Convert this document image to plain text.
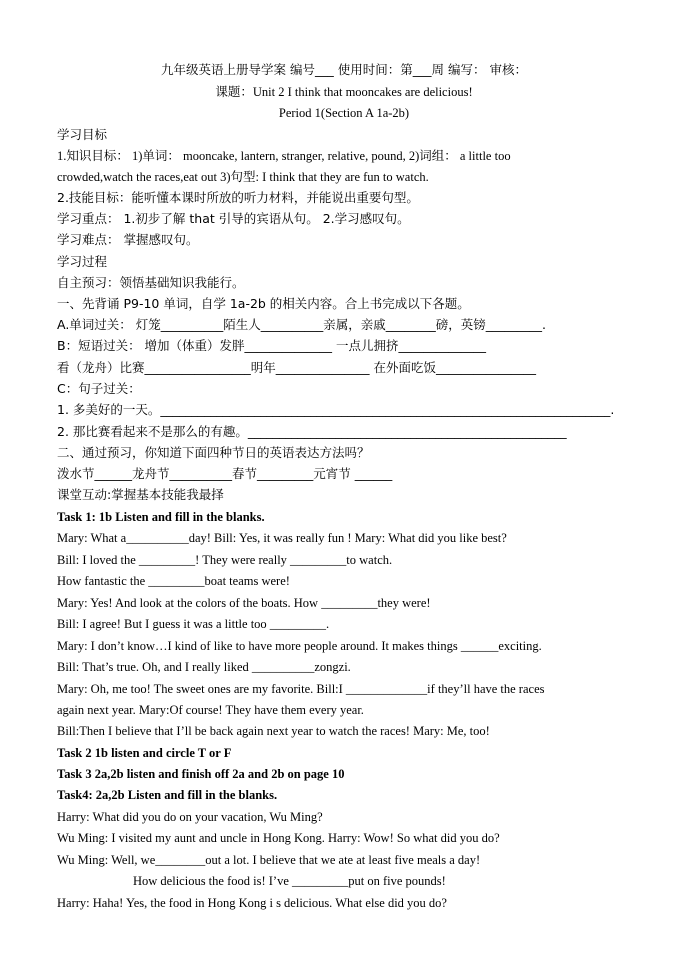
九年级英语上册导学案 编号___ 使用时间：第___周 编写： 审核：
课题：Unit 2 I think that mooncakes are delicious!
Period 1(Section A 1a-2b)
学习目标
1.知识目标： 1)单词： mooncake, lantern, stranger, relative, pound, 2)词组： a little too
crowded,watch the races,eat out 3)句型: I think that they are fun to watch.
2.技能目标：能听懂本课时所放的听力材料，并能说出重要句型。
学习重点： 1.初步了解 that 引导的宾语从句。 2.学习感叹句。
学习难点： 掌握感叹句。
学习过程
自主预习：领悟基础知识我能行。
一、先背诵 P9-10 单词，自学 1a-2b 的相关内容。合上书完成以下各题。
A.单词过关： 灯笼__________陌生人__________亲属，亲戚________磅，英镑_________.
B：短语过关： 增加（体重）发胖______________ 一点儿拥挤______________
看（龙舟）比赛_________________明年_______________ 在外面吃饭________________
C：句子过关：
1. 多美好的一天。________________________________________________________________________.
2. 那比赛看起来不是那么的有趣。___________________________________________________
二、通过预习，你知道下面四种节日的英语表达方法吗？
泼水节______龙舟节__________春节_________元宵节 ______
课堂互动:掌握基本技能我最择
Task 1: 1b Listen and fill in the blanks.
Mary: What a__________day! Bill: Yes, it was really fun ! Mary: What did you like best?
Bill: I loved the _________! They were really _________to watch.
How fantastic the _________boat teams were!
Mary: Yes! And look at the colors of the boats. How _________they were!
Bill: I agree! But I guess it was a little too _________.
Mary: I don’t know…I kind of like to have more people around. It makes things ______exciting.
Bill: That’s true. Oh, and I really liked __________zongzi.
Mary: Oh, me too! The sweet ones are my favorite. Bill:I _____________if they’ll have the races
again next year. Mary:Of course! They have them every year.
Bill:Then I believe that I’ll be back again next year to watch the races! Mary: Me, too!
Task 2 1b listen and circle T or F
Task 3 2a,2b listen and finish off 2a and 2b on page 10
Task4: 2a,2b Listen and fill in the blanks.
Harry: What did you do on your vacation, Wu Ming?
Wu Ming: I visited my aunt and uncle in Hong Kong. Harry: Wow! So what did you do?
Wu Ming: Well, we________out a lot. I believe that we ate at least five meals a day!
How delicious the food is! I’ve _________put on five pounds!
Harry: Haha! Yes, the food in Hong Kong i s delicious. What else did you do?
